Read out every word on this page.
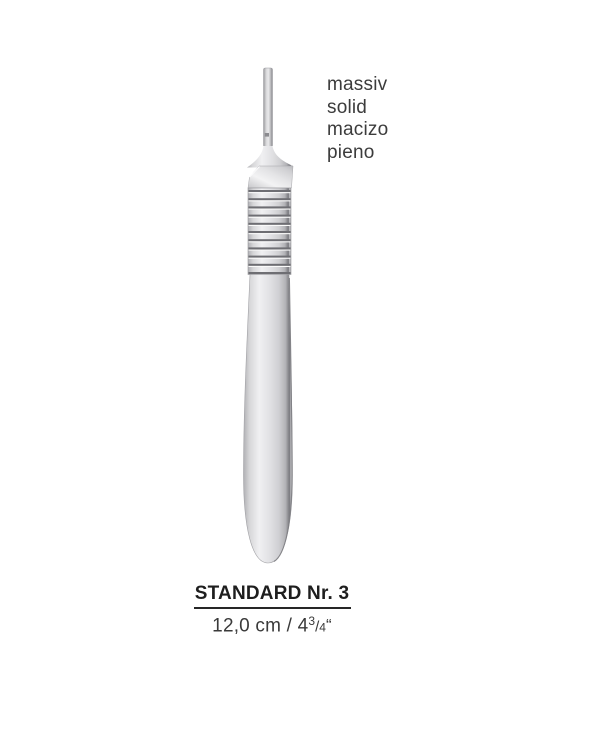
massiv
solid
macizo
pieno
STANDARD Nr. 3
12,0 cm / $4^3/4“$
